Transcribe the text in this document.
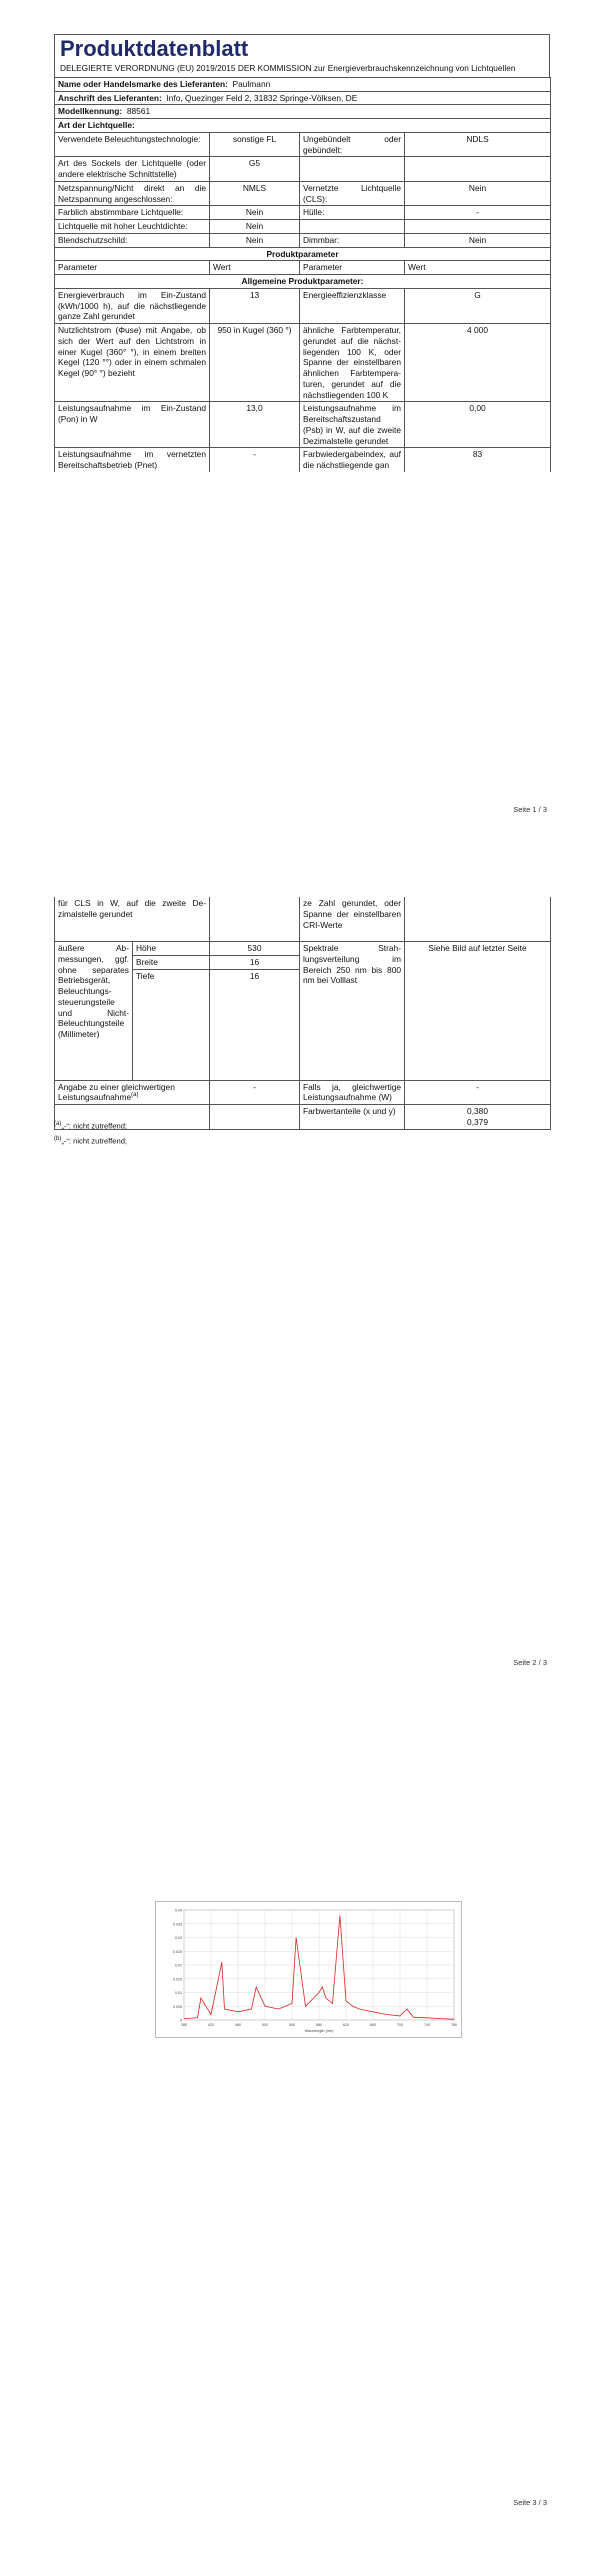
Produktdatenblatt
DELEGIERTE VERORDNUNG (EU) 2019/2015 DER KOMMISSION zur Energieverbrauchskennzeichnung von Lichtquellen
Name oder Handelsmarke des Lieferanten: Paulmann			
Anschrift des Lieferanten: Info, Quezinger Feld 2, 31832 Springe-Völksen, DE			
Modellkennung: 88561			
Art der Lichtquelle:			
Verwendete Beleuchtungstechnologie:	sonstige FL	Ungebündelt oder gebündelt:	NDLS
Art des Sockels der Lichtquelle (oder andere elektrische Schnittstelle)	G5		
Netzspannung/Nicht direkt an die Netzspannung angeschlossen:	NMLS	Vernetzte Lichtquelle (CLS):	Nein
Farblich abstimmbare Lichtquelle:	Nein	Hülle:	-
Lichtquelle mit hoher Leuchtdichte:	Nein		
Blendschutzschild:	Nein	Dimmbar:	Nein
Produktparameter			
Parameter	Wert	Parameter	Wert
Allgemeine Produktparameter:			
Energieverbrauch im Ein-Zustand (kWh/1000 h), auf die nächstliegende ganze Zahl gerundet	13	Energieeffizienzklasse	G
Nutzlichtstrom (Φuse) mit Angabe, ob sich der Wert auf den Lichtstrom in einer Kugel (360° °), in einem breiten Kegel (120 °°) oder in einem schmalen Kegel (90° °) bezieht	950 in Kugel (360 °)	ähnliche Farbtemperatur, gerundet auf die nächstliegenden 100 K, oder Spanne der einstellbaren ähnlichen Farbtemperaturen, gerundet auf die nächstliegenden 100 K	4 000
Leistungsaufnahme im Ein-Zustand (Pon) in W	13,0	Leistungsaufnahme im Bereitschaftszustand (Psb) in W, auf die zweite Dezimalstelle gerundet	0,00
Leistungsaufnahme im vernetzten Bereitschaftsbetrieb (Pnet)	-	Farbwiedergabeindex, auf die nächstliegende gan	83
Seite 1 / 3
für CLS in W, auf die zweite Dezimalstelle gerundet			ze Zahl gerundet, oder Spanne der einstellbaren CRI-Werte	
äußere Abmessungen, ggf. ohne separates Betriebsgerät, Beleuchtungssteuerungsteile und Nicht-Beleuchtungsteile (Millimeter)	Höhe	530	Spektrale Strahlungsverteilung im Bereich 250 nm bis 800 nm bei Volllast	Siehe Bild auf letzter Seite
	Breite	16		
	Tiefe	16		
Angabe zu einer gleichwertigen Leistungsaufnahme$^{(a)}$		-	Falls ja, gleichwertige Leistungsaufnahme (W)	-
			Farbwertanteile (x und y)	0,380
0,379
$^{(a)}$„-“: nicht zutreffend;
$^{(b)}$„-“: nicht zutreffend;
Seite 2 / 3
0
0.005
0.01
0.015
0.02
0.025
0.03
0.035
0.04
380	420	460	500	540	580	620	660	700	740	780
Wavelength (nm)
Seite 3 / 3
